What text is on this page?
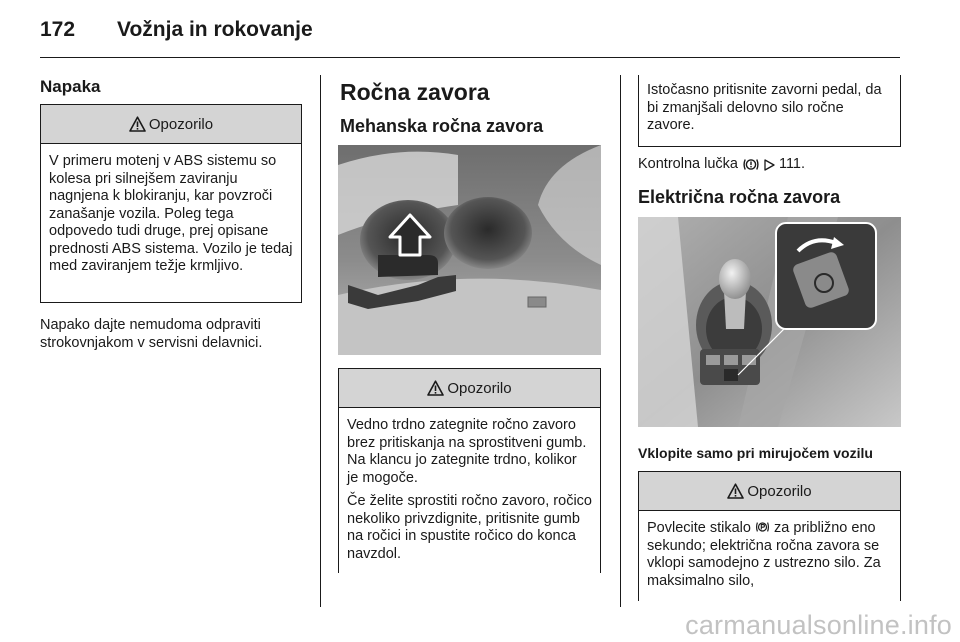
172 Vožnja in rokovanje
Napaka
Opozorilo
V primeru motenj v ABS sistemu so kolesa pri silnejšem zaviranju nagnjena k blokiranju, kar povzroči zanašanje vozila. Poleg tega odpovedo tudi druge, prej opisane prednosti ABS sistema. Vozilo je tedaj med zaviranjem težje krmljivo.
Napako dajte nemudoma odpraviti strokovnjakom v servisni delavnici.
Ročna zavora
Mehanska ročna zavora
Opozorilo

Vedno trdno zategnite ročno zavoro brez pritiskanja na sprostitveni gumb. Na klancu jo zategnite trdno, kolikor je mogoče.

Če želite sprostiti ročno zavoro, ročico nekoliko privzdignite, pritisnite gumb na ročici in spustite ročico do konca navzdol.

Istočasno pritisnite zavorni pedal, da bi zmanjšali delovno silo ročne zavore.
Kontrolna lučka	111.
Električna ročna zavora
Vklopite samo pri mirujočem vozilu
Opozorilo
Povlecite stikalo za približno eno sekundo; električna ročna zavora se vklopi samodejno z ustrezno silo. Za maksimalno silo,
carmanualsonline.info
